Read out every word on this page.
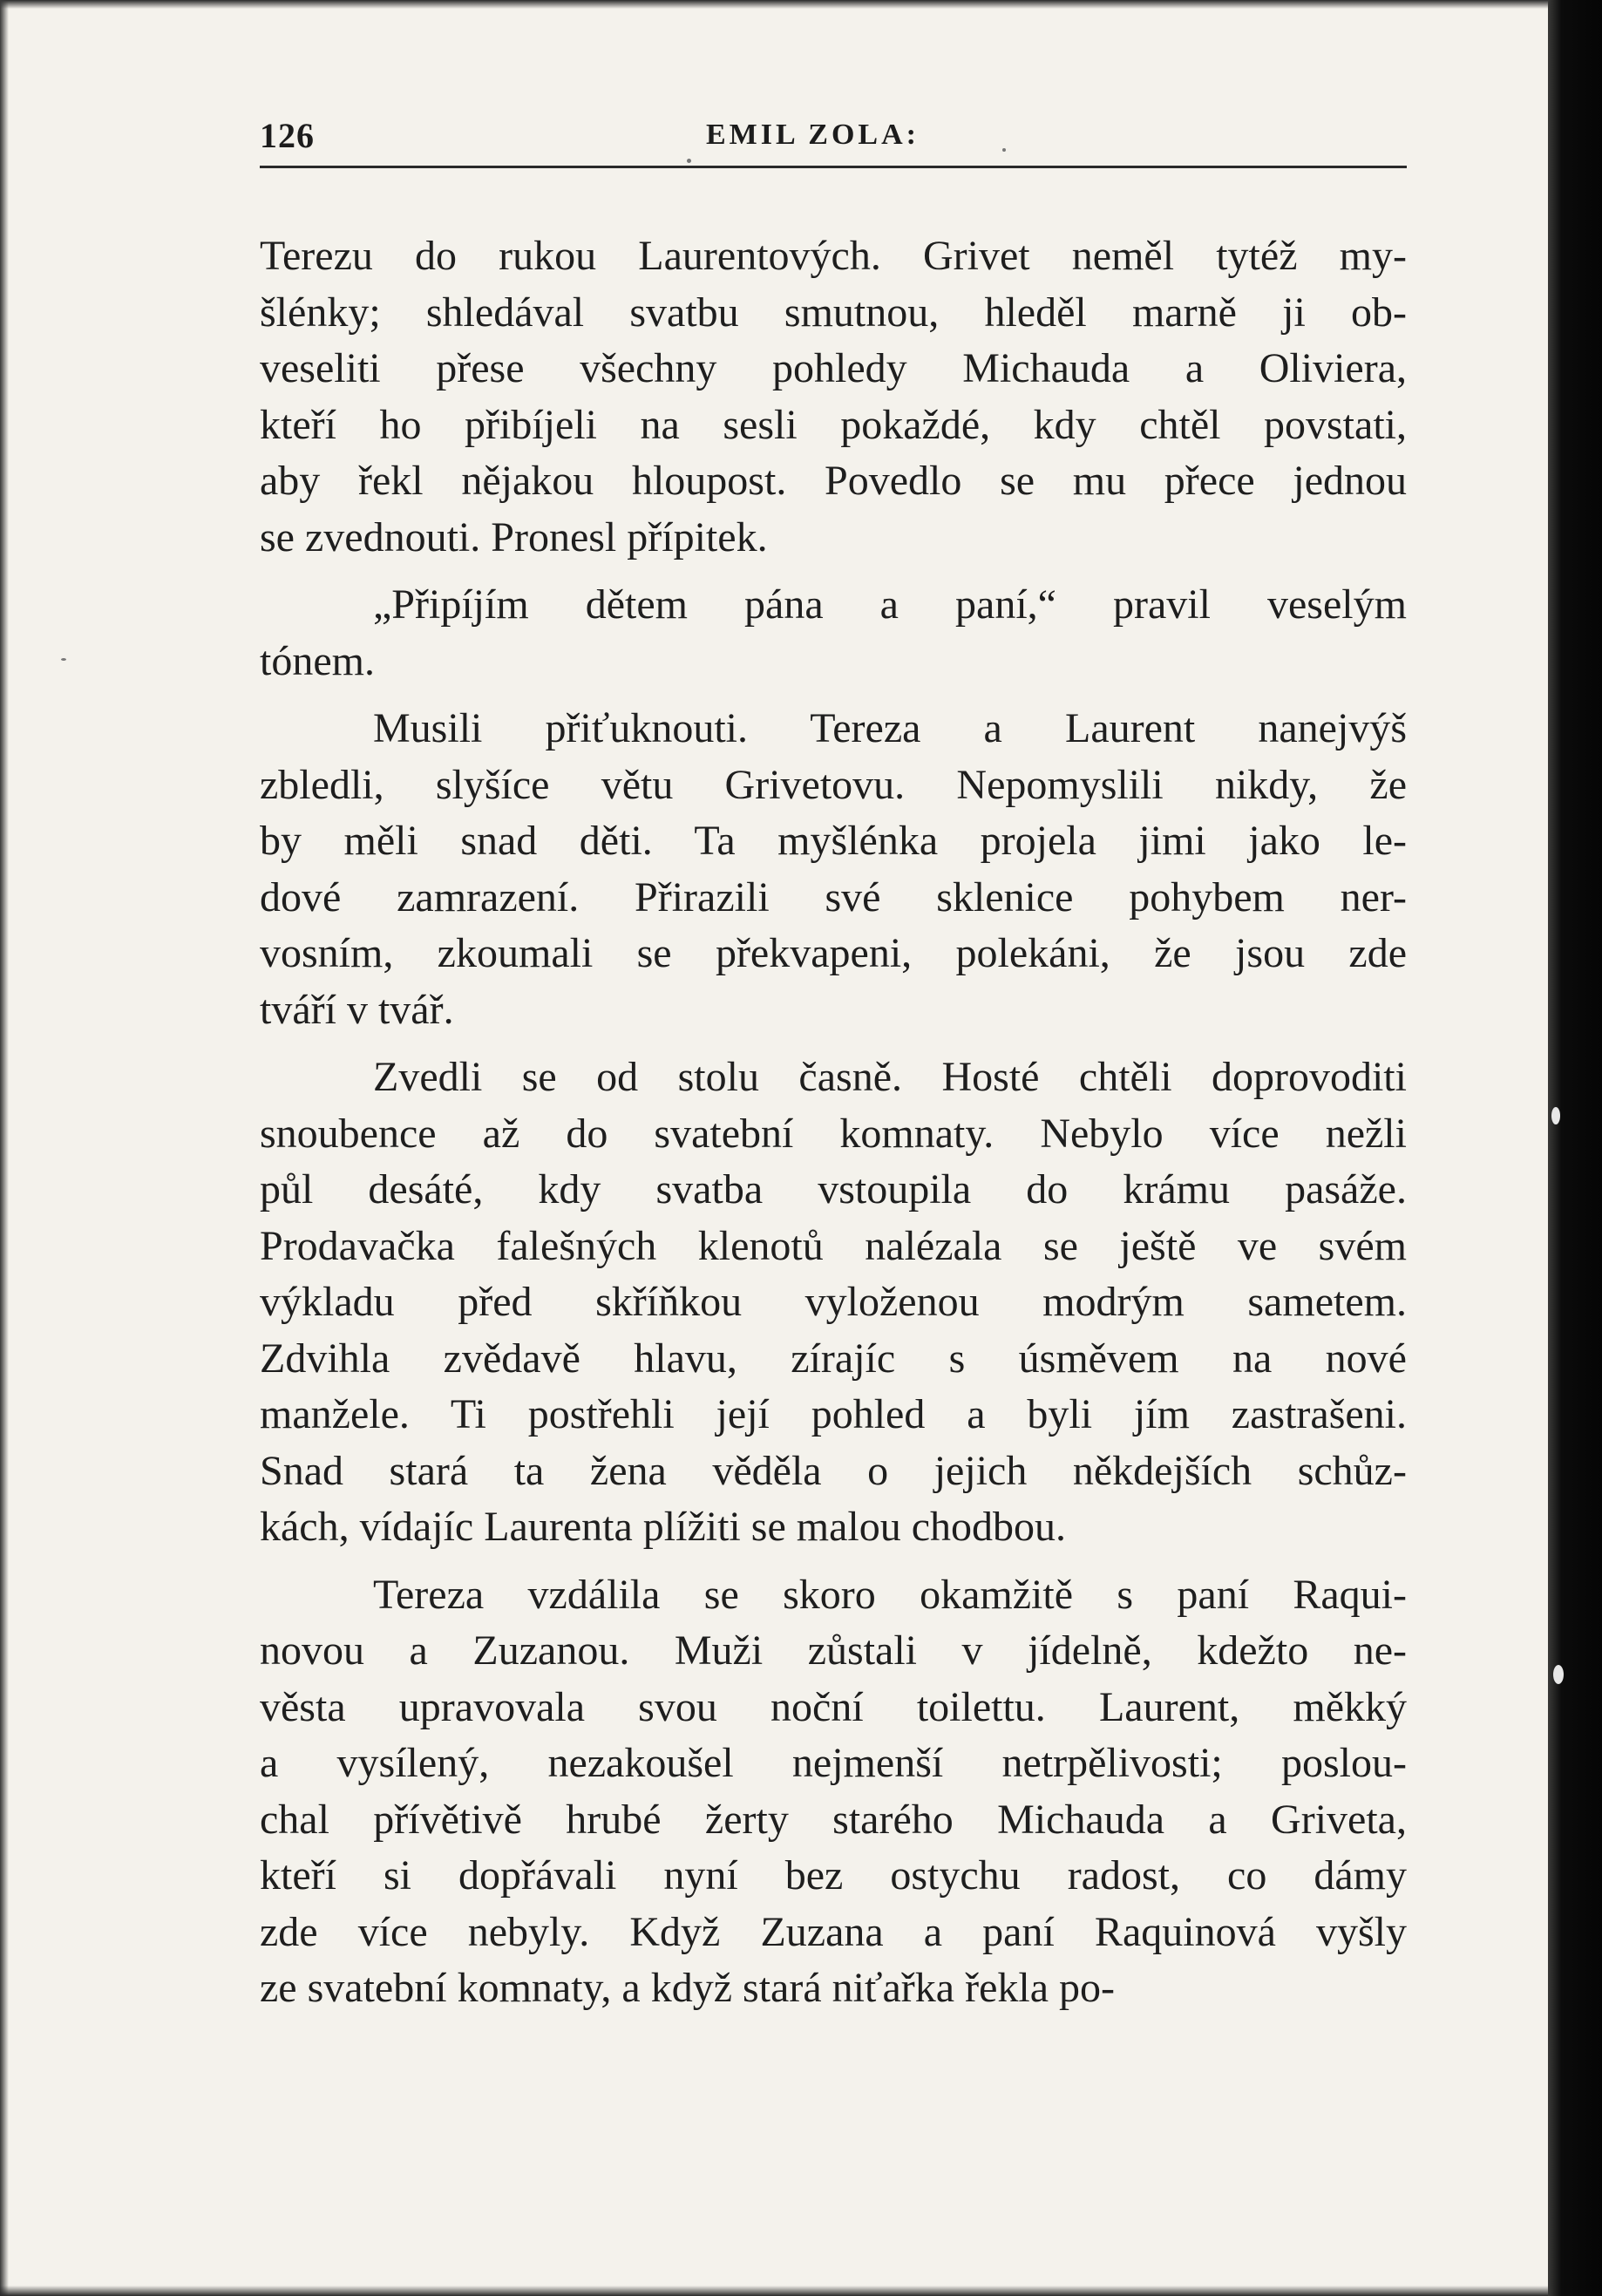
126	EMIL ZOLA:
Terezu do rukou Laurentových. Grivet neměl tytéž my-
šlénky; shledával svatbu smutnou, hleděl marně ji ob-
veseliti přese všechny pohledy Michauda a Oliviera,
kteří ho přibíjeli na sesli pokaždé, kdy chtěl povstati,
aby řekl nějakou hloupost. Povedlo se mu přece jednou
se zvednouti. Pronesl přípitek.
„Připíjím dětem pána a paní,“ pravil veselým
tónem.
Musili přiťuknouti. Tereza a Laurent nanejvýš
zbledli, slyšíce větu Grivetovu. Nepomyslili nikdy, že
by měli snad děti. Ta myšlénka projela jimi jako le-
dové zamrazení. Přirazili své sklenice pohybem ner-
vosním, zkoumali se překvapeni, polekáni, že jsou zde
tváří v tvář.
Zvedli se od stolu časně. Hosté chtěli doprovoditi
snoubence až do svatební komnaty. Nebylo více nežli
půl desáté, kdy svatba vstoupila do krámu pasáže.
Prodavačka falešných klenotů nalézala se ještě ve svém
výkladu před skříňkou vyloženou modrým sametem.
Zdvihla zvědavě hlavu, zírajíc s úsměvem na nové
manžele. Ti postřehli její pohled a byli jím zastrašeni.
Snad stará ta žena věděla o jejich někdejších schůz-
kách, vídajíc Laurenta plížiti se malou chodbou.
Tereza vzdálila se skoro okamžitě s paní Raqui-
novou a Zuzanou. Muži zůstali v jídelně, kdežto ne-
věsta upravovala svou noční toilettu. Laurent, měkký
a vysílený, nezakoušel nejmenší netrpělivosti; poslou-
chal přívětivě hrubé žerty starého Michauda a Griveta,
kteří si dopřávali nyní bez ostychu radost, co dámy
zde více nebyly. Když Zuzana a paní Raquinová vyšly
ze svatební komnaty, a když stará niťařka řekla po-
